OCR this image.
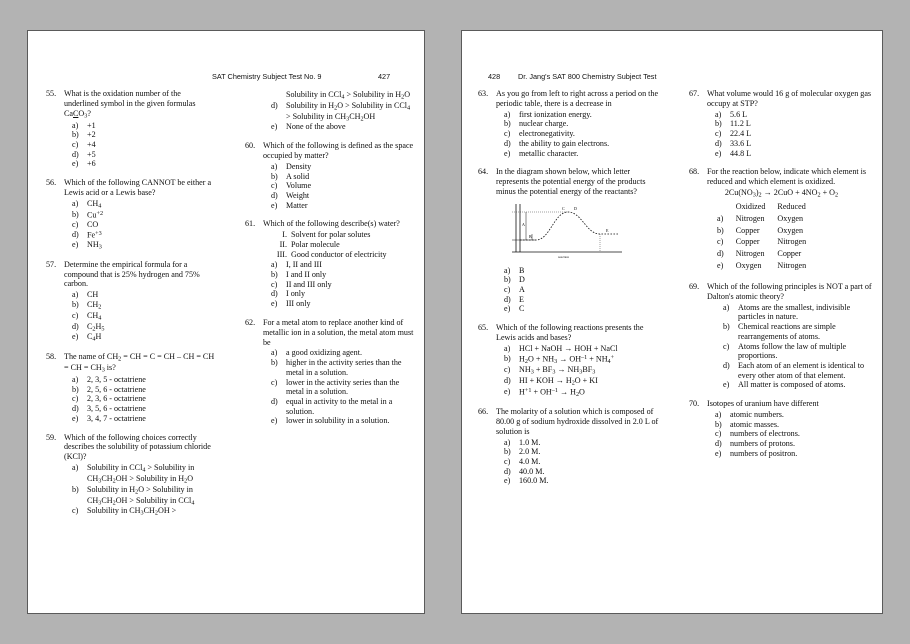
SAT Chemistry Subject Test No. 9	427
55. What is the oxidation number of the underlined symbol in the given formulas CaCO$_3$?
a)	+1
b)	+2
c)	+4
d)	+5
e)	+6
56. Which of the following CANNOT be either a Lewis acid or a Lewis base?
a)	$CH_4$
b)	$Cu^{+2}$
c)	CO
d)	$Fe^{+3}$
e)	$NH_3$
57. Determine the empirical formula for a compound that is 25% hydrogen and 75% carbon.
a)	CH
b)	$CH_2$
c)	$CH_4$
d)	$C_2H_5$
e)	$C_4H$
58. The name of $CH_2$ = CH = C = CH – CH = CH = CH = $CH_3$ is?
a)	2, 3, 5 - octatriene
b)	2, 5, 6 - octatriene
c)	2, 3, 6 - octatriene
d)	3, 5, 6 - octatriene
e)	3, 4, 7 - octatriene
59. Which of the following choices correctly describes the solubility of potassium chloride (KCl)?
a)	Solubility in CCl$_4$ > Solubility in $CH_3CH_2OH$ > Solubility in $H_2O$
b)	Solubility in $H_2O$ > Solubility in $CH_3CH_2OH$ > Solubility in CCl$_4$
c)	Solubility in $CH_3CH_2OH$ >
Solubility in CCl$_4$ > Solubility in $H_2O$
d)	Solubility in $H_2O$ > Solubility in CCl$_4$ > Solubility in $CH_3CH_2OH$
e)	None of the above
60. Which of the following is defined as the space occupied by matter?
a)	Density
b)	A solid
c)	Volume
d)	Weight
e)	Matter
61. Which of the following describe(s) water?
I. Solvent for polar solutes
II. Polar molecule
III. Good conductor of electricity
a)	I, II and III
b)	I and II only
c)	II and III only
d)	I only
e)	III only
62. For a metal atom to replace another kind of metallic ion in a solution, the metal atom must be
a)	a good oxidizing agent.
b)	higher in the activity series than the metal in a solution.
c)	lower in the activity series than the metal in a solution.
d)	equal in activity to the metal in a solution.
e)	lower in solubility in a solution.
428 Dr. Jang's SAT 800 Chemistry Subject Test
63. As you go from left to right across a period on the periodic table, there is a decrease in
a)	first ionization energy.
b)	nuclear charge.
c)	electronegativity.
d)	the ability to gain electrons.
e)	metallic character.
64. In the diagram shown below, which letter represents the potential energy of the products minus the potential energy of the reactants?
A
B
C D
E
reaction
a)	B
b)	D
c)	A
d)	E
e)	C
65. Which of the following reactions presents the Lewis acids and bases?
a)	HCl + NaOH → HOH + NaCl
b)	$H_2O + NH_3 \to OH^{-1} + NH_4^+$
c)	$NH_3 + BF_3 \to NH_3BF_3$
d)	HI + KOH → $H_2O$ + KI
e)	$H^{+1} + OH^{-1} \to H_2O$
66. The molarity of a solution which is composed of 80.00 g of sodium hydroxide dissolved in 2.0 L of solution is
a)	1.0 M.
b)	2.0 M.
c)	4.0 M.
d)	40.0 M.
e)	160.0 M.
67. What volume would 16 g of molecular oxygen gas occupy at STP?
a)	5.6 L
b)	11.2 L
c)	22.4 L
d)	33.6 L
e)	44.8 L
68. For the reaction below, indicate which element is reduced and which element is oxidized.
$2Cu(NO_3)_2 \to 2CuO + 4NO_2 + O_2$
	Oxidized	Reduced
a)	Nitrogen	Oxygen
b)	Copper	Oxygen
c)	Copper	Nitrogen
d)	Nitrogen	Copper
e)	Oxygen	Nitrogen
69. Which of the following principles is NOT a part of Dalton's atomic theory?
a)	Atoms are the smallest, indivisible particles in nature.
b)	Chemical reactions are simple rearrangements of atoms.
c)	Atoms follow the law of multiple proportions.
d)	Each atom of an element is identical to every other atom of that element.
e)	All matter is composed of atoms.
70. Isotopes of uranium have different
a)	atomic numbers.
b)	atomic masses.
c)	numbers of electrons.
d)	numbers of protons.
e)	numbers of positron.
